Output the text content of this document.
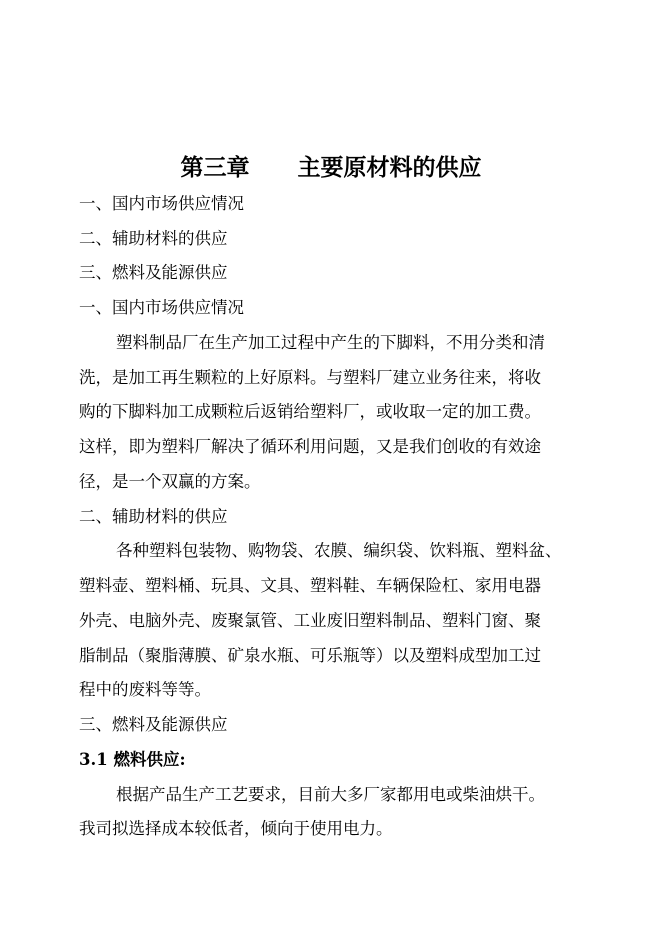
第三章      主要原材料的供应
一、国内市场供应情况
二、辅助材料的供应
三、燃料及能源供应
一、国内市场供应情况
塑料制品厂在生产加工过程中产生的下脚料，不用分类和清
洗，是加工再生颗粒的上好原料。与塑料厂建立业务往来，将收
购的下脚料加工成颗粒后返销给塑料厂，或收取一定的加工费。
这样，即为塑料厂解决了循环利用问题，又是我们创收的有效途
径，是一个双赢的方案。
二、辅助材料的供应
各种塑料包装物、购物袋、农膜、编织袋、饮料瓶、塑料盆、
塑料壶、塑料桶、玩具、文具、塑料鞋、车辆保险杠、家用电器
外壳、电脑外壳、废聚氯管、工业废旧塑料制品、塑料门窗、聚
脂制品（聚脂薄膜、矿泉水瓶、可乐瓶等）以及塑料成型加工过
程中的废料等等。
三、燃料及能源供应
3.1 燃料供应:
根据产品生产工艺要求，目前大多厂家都用电或柴油烘干。
我司拟选择成本较低者，倾向于使用电力。
